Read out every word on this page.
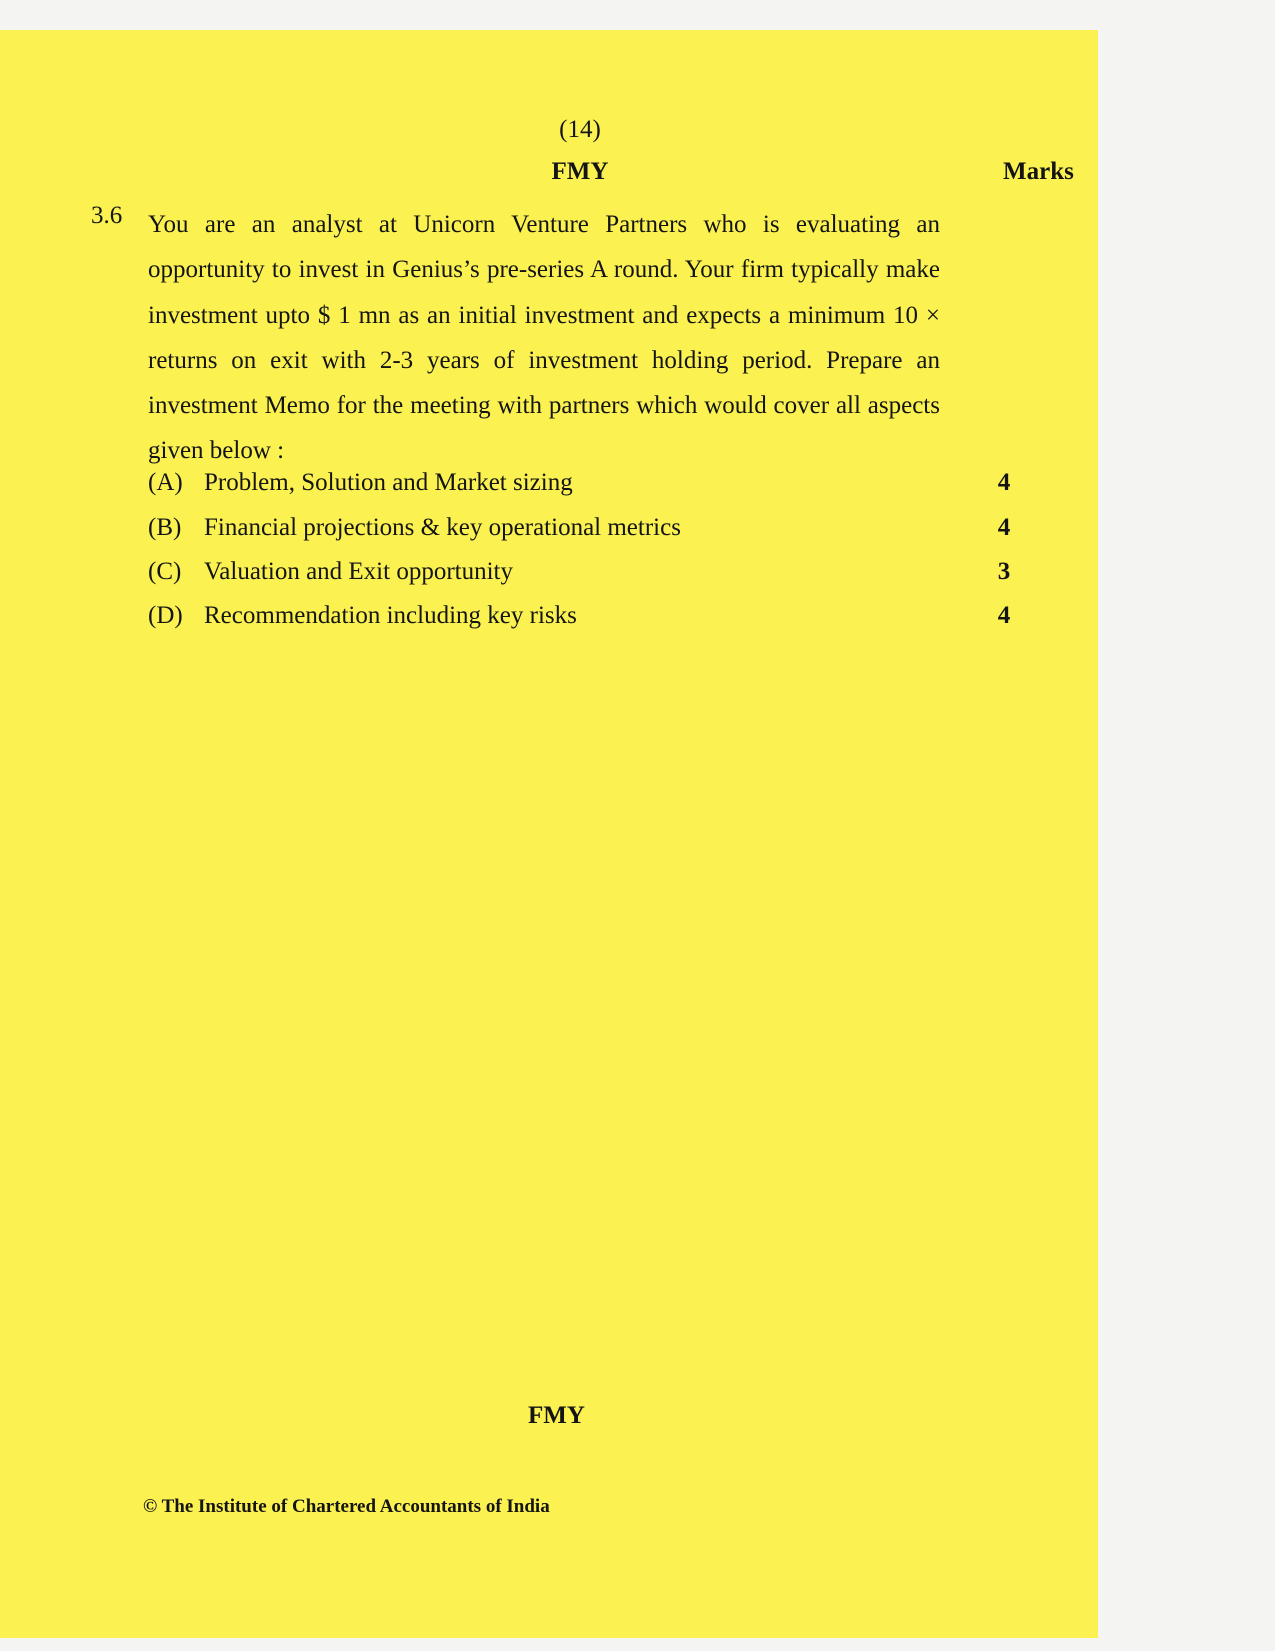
(14)
FMY	Marks
3.6 You are an analyst at Unicorn Venture Partners who is evaluating an opportunity to invest in Genius’s pre-series A round. Your firm typically make investment upto $ 1 mn as an initial investment and expects a minimum 10 × returns on exit with 2-3 years of investment holding period. Prepare an investment Memo for the meeting with partners which would cover all aspects given below :

(A) Problem, Solution and Market sizing	4
(B) Financial projections & key operational metrics	4
(C) Valuation and Exit opportunity	3
(D) Recommendation including key risks	4
FMY
© The Institute of Chartered Accountants of India
